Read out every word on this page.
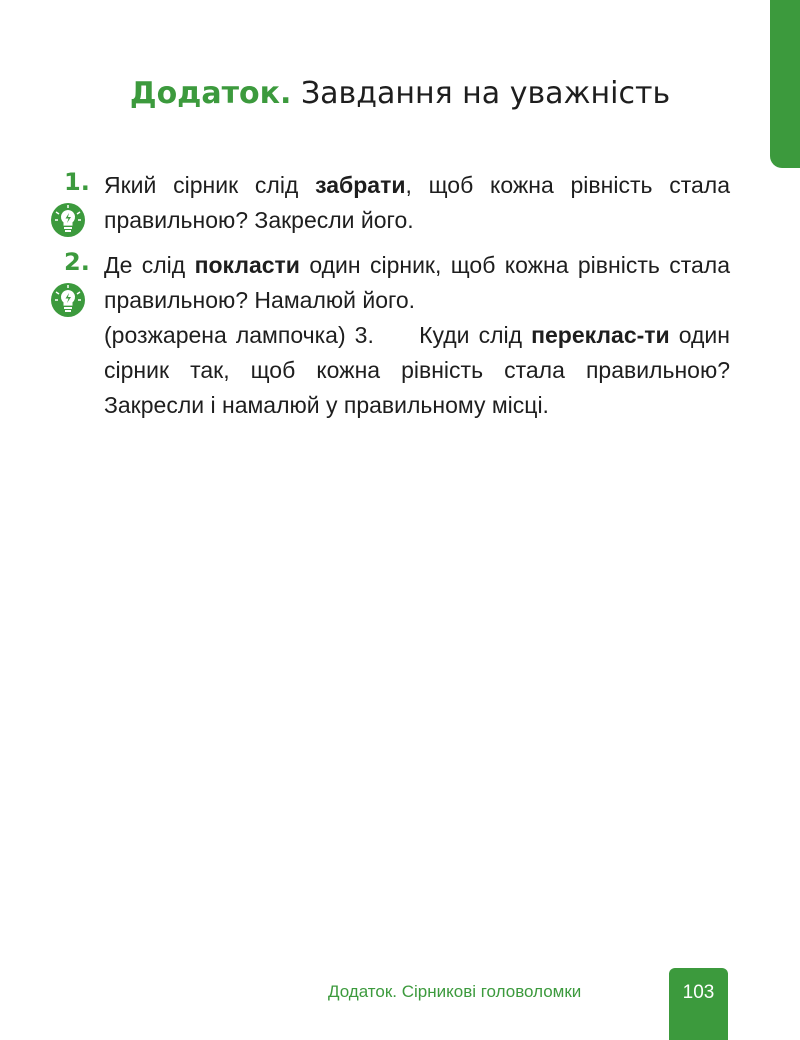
Додаток. Завдання на уважність
1. Який сірник слід забрати, щоб кожна рівність стала правильною? Закресли його.
2. Де слід покласти один сірник, щоб кожна рівність стала правильною? Намалюй його.
(розжарена лампочка) 3.     Куди слід переклас-ти один сірник так, щоб кожна рівність стала правильною? Закресли і намалюй у правильному місці.
Додаток. Сірникові головоломки	103
